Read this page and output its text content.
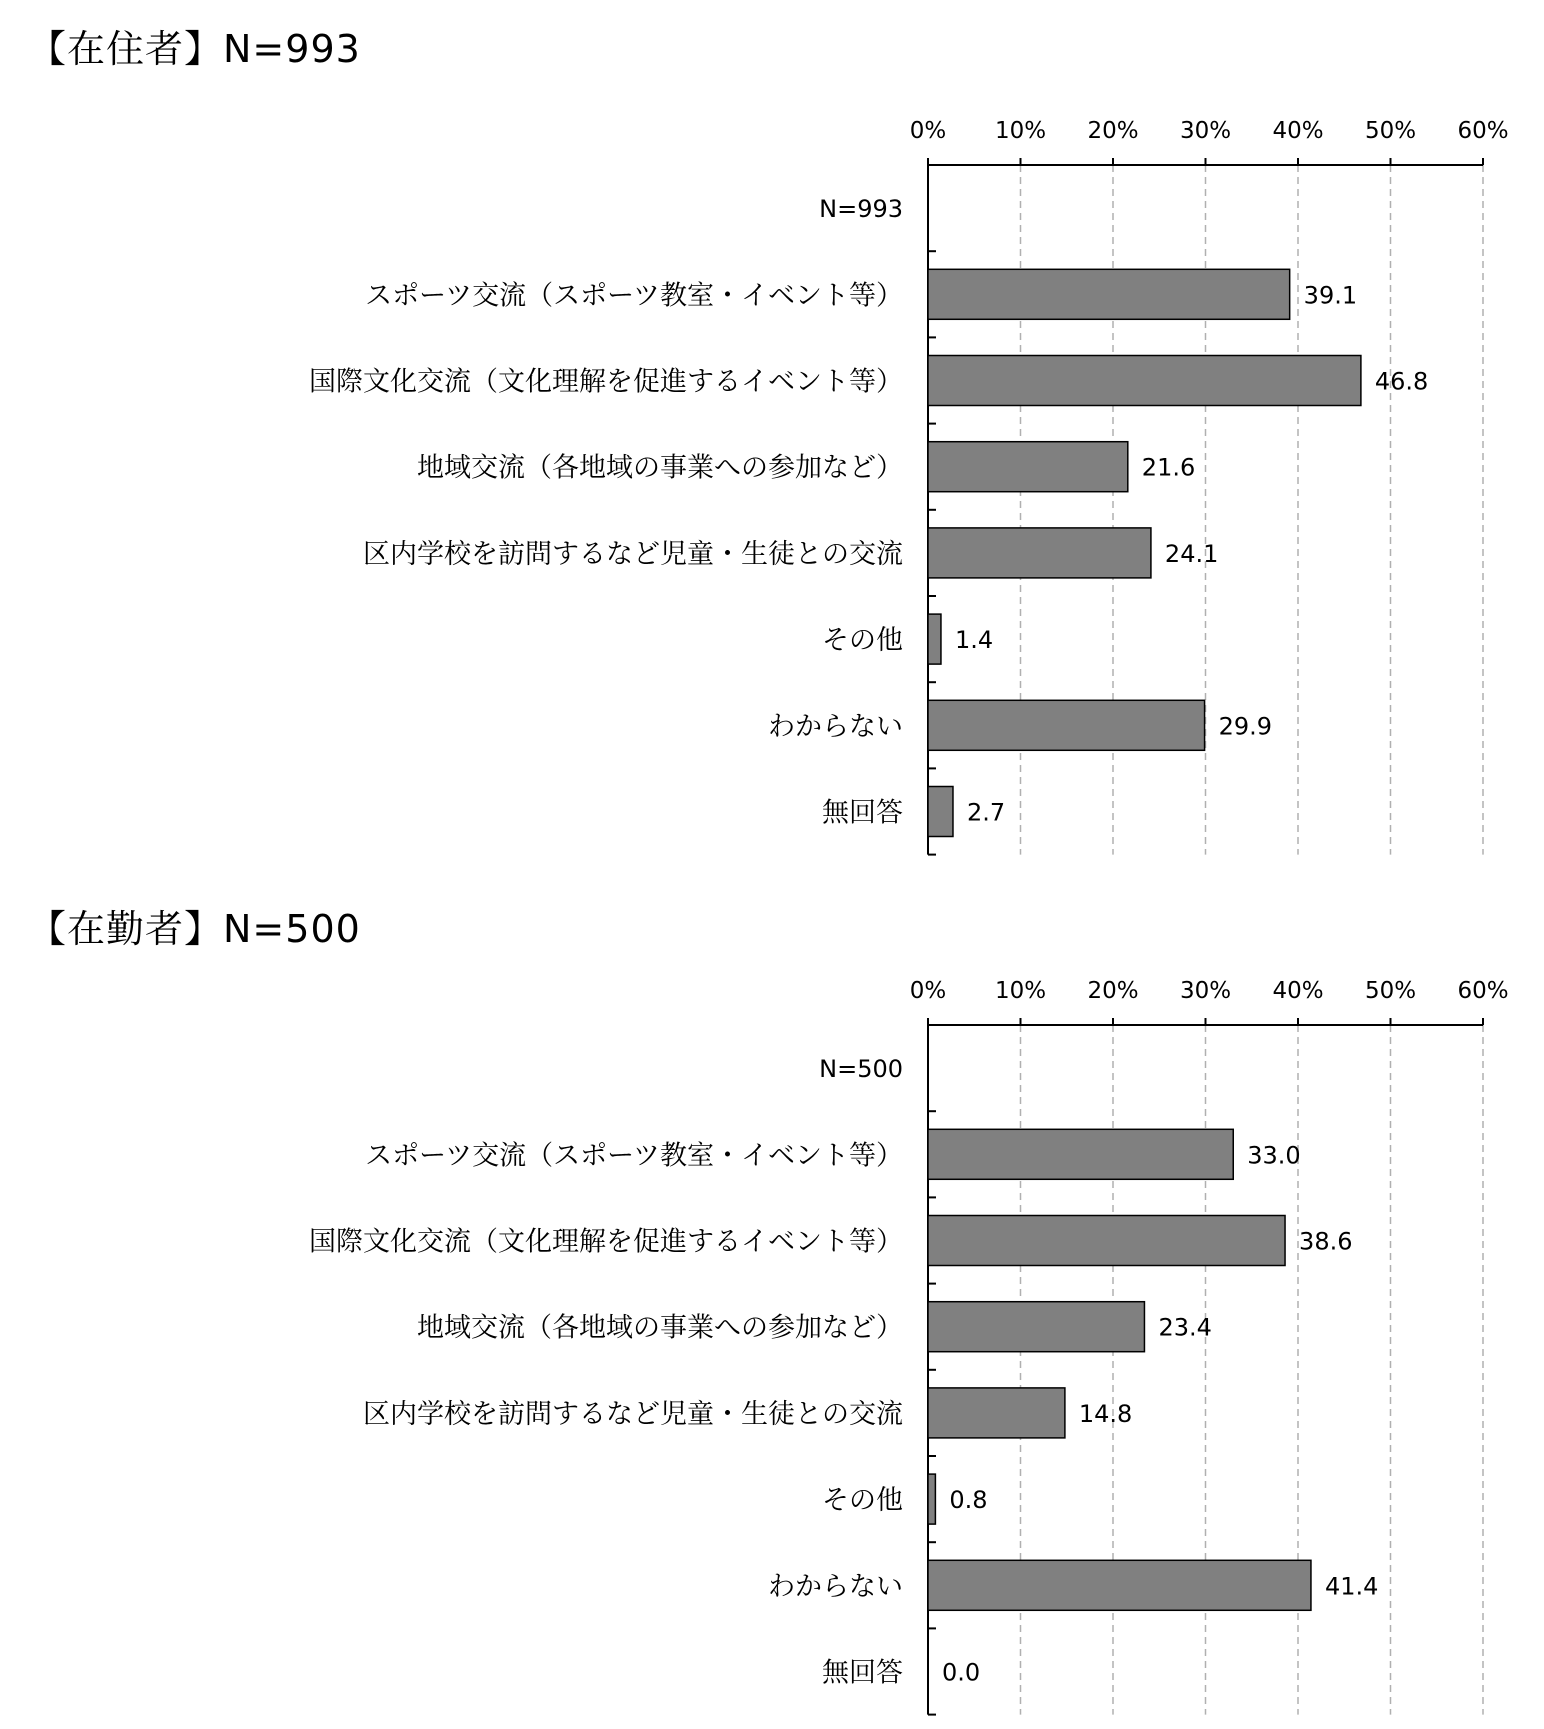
【在住者】N=993
0% 10% 20% 30% 40% 50% 60%
N=993
スポーツ交流（スポーツ教室・イベント等）	39.1
国際文化交流（文化理解を促進するイベント等）	46.8
地域交流（各地域の事業への参加など）	21.6
区内学校を訪問するなど児童・生徒との交流	24.1
その他 1.4
わからない	29.9
無回答	2.7
【在勤者】N=500
0% 10% 20% 30% 40% 50% 60%
N=500
スポーツ交流（スポーツ教室・イベント等）	33.0
国際文化交流（文化理解を促進するイベント等）	38.6
地域交流（各地域の事業への参加など）	23.4
区内学校を訪問するなど児童・生徒との交流	14.8
その他 0.8
わからない	41.4
無回答 0.0
